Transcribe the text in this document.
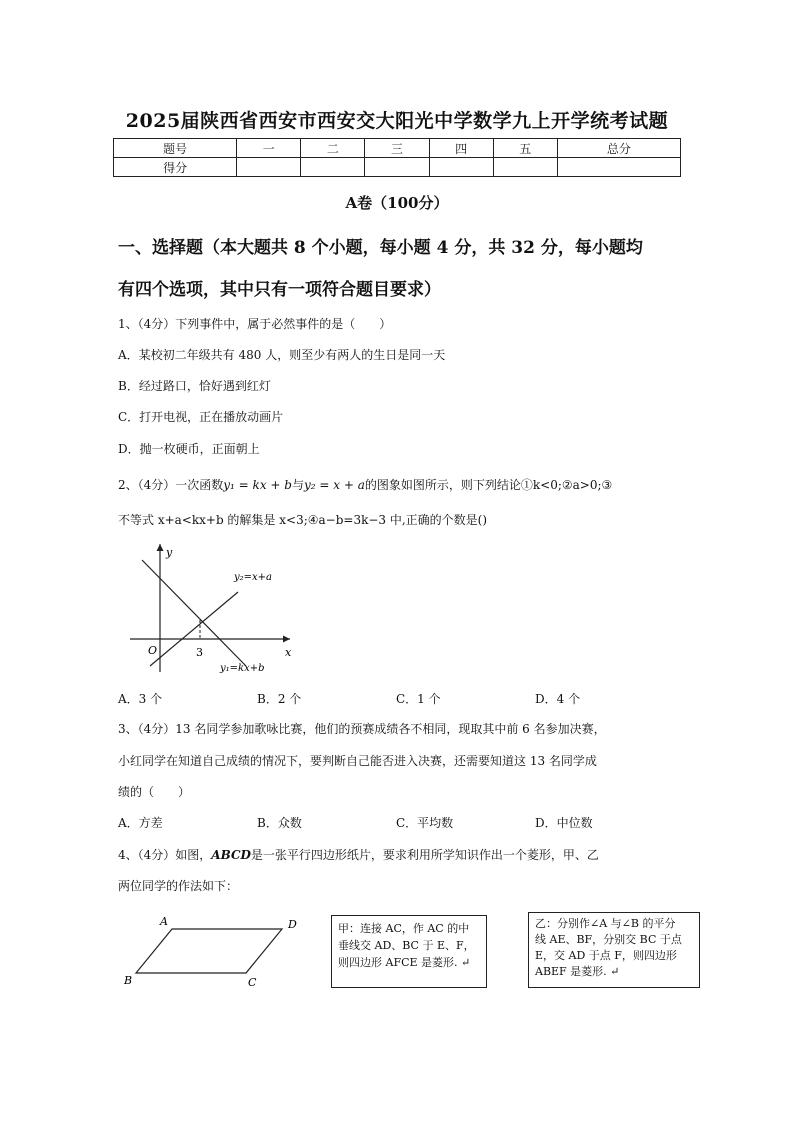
2025届陕西省西安市西安交大阳光中学数学九上开学统考试题
题号	一	二	三	四	五	总分
得分						
A卷（100分）
一、选择题（本大题共 8 个小题，每小题 4 分，共 32 分，每小题均
有四个选项，其中只有一项符合题目要求）
1、（4分）下列事件中，属于必然事件的是（　　）
A．某校初二年级共有 480 人，则至少有两人的生日是同一天
B．经过路口，恰好遇到红灯
C．打开电视，正在播放动画片
D．抛一枚硬币，正面朝上
2、（4分）一次函数y₁ = kx + b与y₂ = x + a的图象如图所示，则下列结论①k<0;②a>0;③
不等式 x+a<kx+b 的解集是 x<3;④a−b=3k−3 中,正确的个数是()
y
x
O	3
y₂=x+a
y₁=kx+b
A．3 个	B．2 个	C．1 个	D．4 个
3、（4分）13 名同学参加歌咏比赛，他们的预赛成绩各不相同，现取其中前 6 名参加决赛，
小红同学在知道自己成绩的情况下，要判断自己能否进入决赛，还需要知道这 13 名同学成
绩的（　　）
A．方差	B．众数	C．平均数	D．中位数
4、（4分）如图，ABCD是一张平行四边形纸片，要求利用所学知识作出一个菱形，甲、乙
两位同学的作法如下：
A	D
B	C
甲：连接 AC，作 AC 的中
垂线交 AD、BC 于 E、F，
则四边形 AFCE 是菱形. ↵
乙：分别作∠A 与∠B 的平分
线 AE、BF，分别交 BC 于点
E，交 AD 于点 F，则四边形
ABEF 是菱形. ↵
